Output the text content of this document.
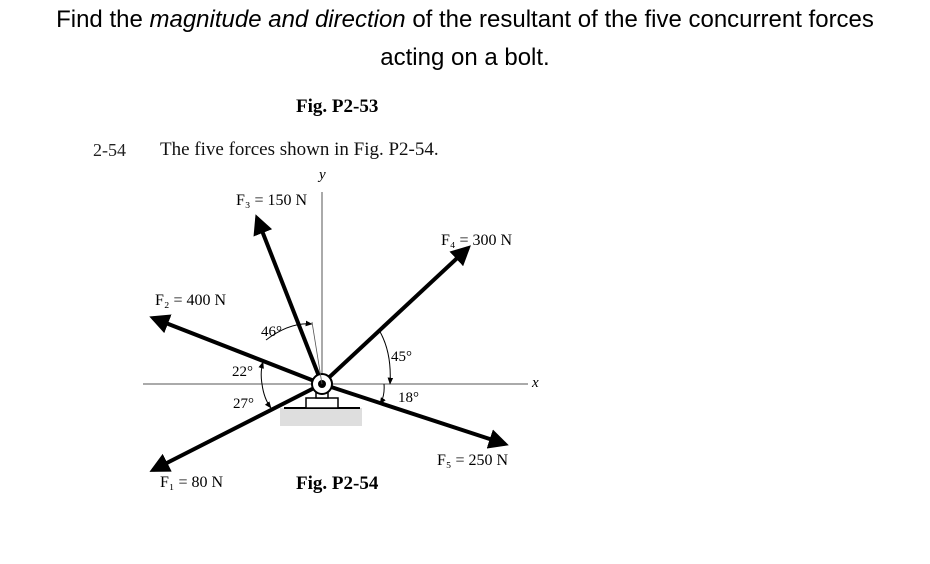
Find the magnitude and direction of the resultant of the five concurrent forces
acting on a bolt.
Fig. P2-53
2-54 The five forces shown in Fig. P2-54.
y
x
F₃ = 150 N
F₄ = 300 N
F₂ = 400 N
F₅ = 250 N
F₁ = 80 N
46°
22°
27°
45°
18°
Fig. P2-54
